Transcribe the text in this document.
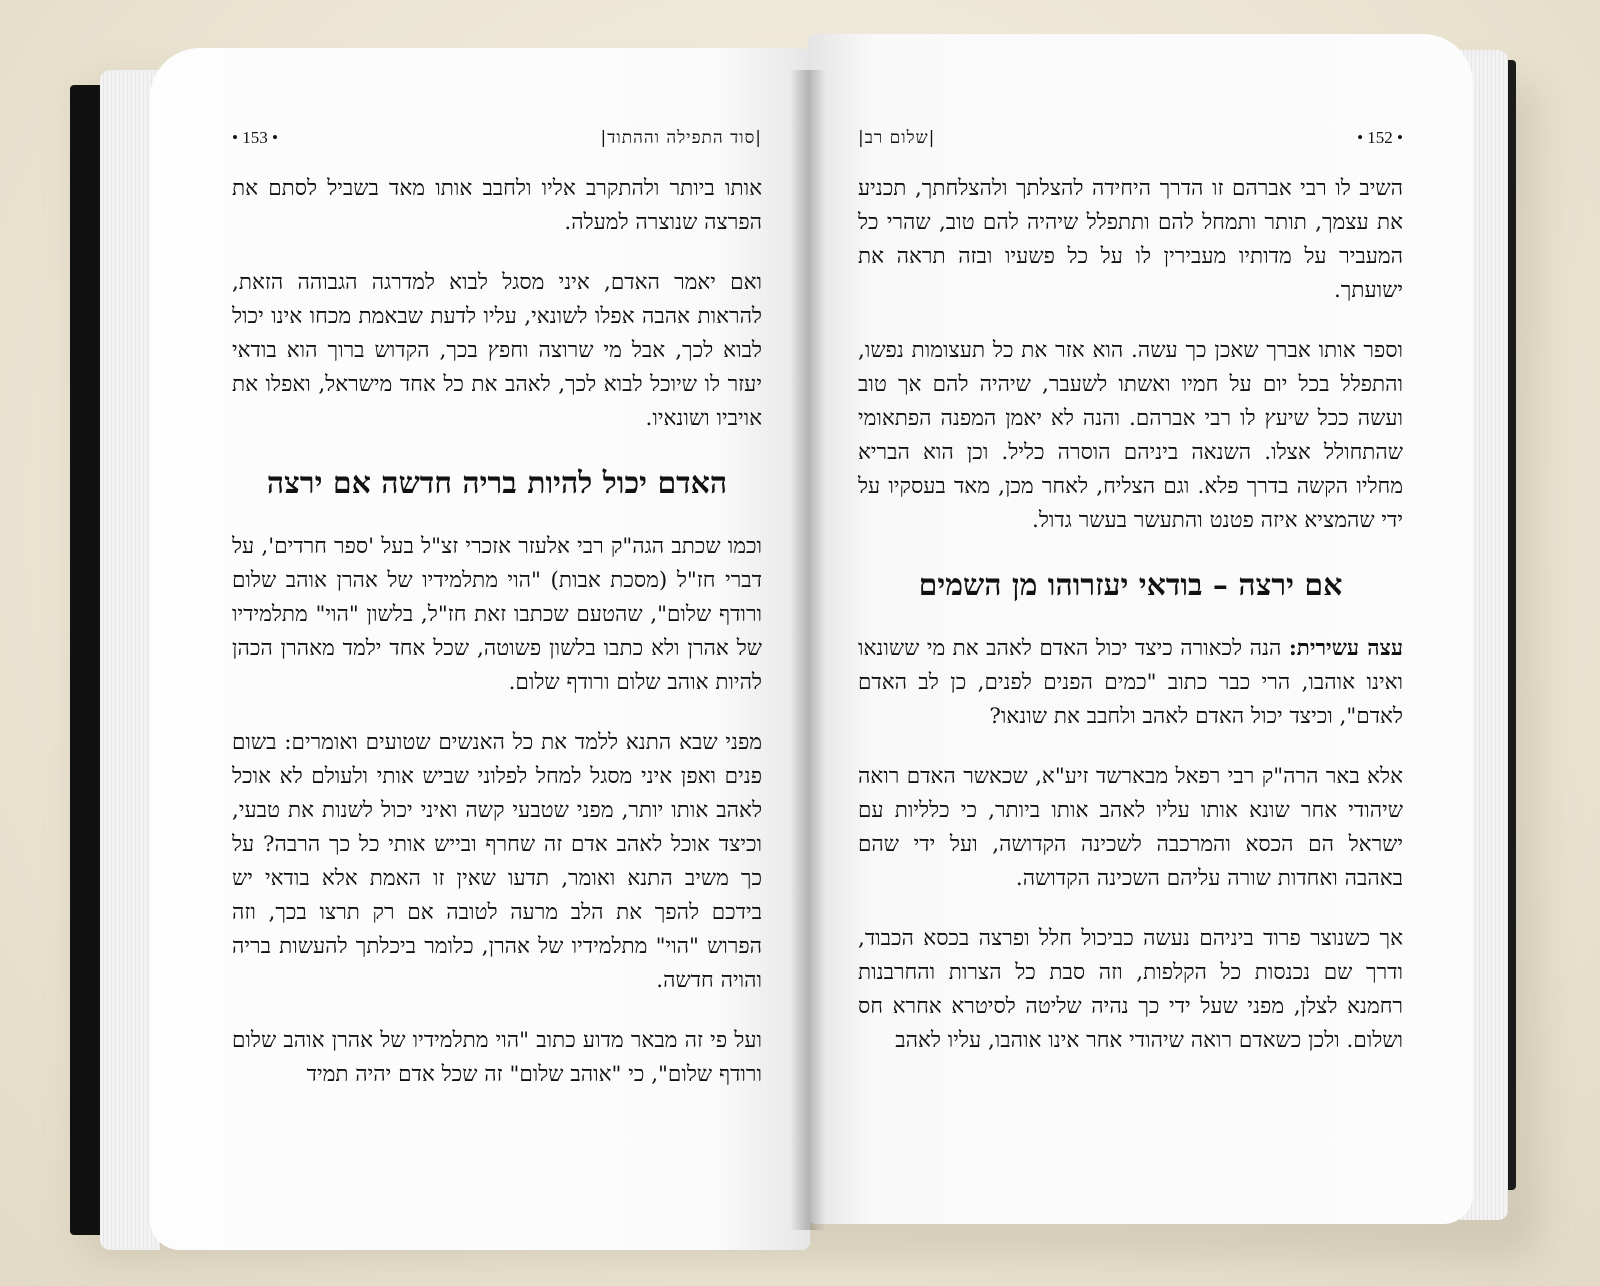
|סוד התפילה וההתוד|
• 153 •

אותו ביותר ולהתקרב אליו ולחבב אותו מאד בשביל לסתם את הפרצה שנוצרה למעלה.

ואם יאמר האדם, איני מסגל לבוא למדרגה הגבוהה הזאת, להראות אהבה אפלו לשונאי, עליו לדעת שבאמת מכחו אינו יכול לבוא לכך, אבל מי שרוצה וחפץ בכך, הקדוש ברוך הוא בודאי יעזר לו שיוכל לבוא לכך, לאהב את כל אחד מישראל, ואפלו את אויביו ושונאיו.

האדם יכול להיות בריה חדשה אם ירצה

וכמו שכתב הגה"ק רבי אלעזר אזכרי זצ"ל בעל 'ספר חרדים', על דברי חז"ל (מסכת אבות) "הוי מתלמידיו של אהרן אוהב שלום ורודף שלום", שהטעם שכתבו זאת חז"ל, בלשון "הוי" מתלמידיו של אהרן ולא כתבו בלשון פשוטה, שכל אחד ילמד מאהרן הכהן להיות אוהב שלום ורודף שלום.

מפני שבא התנא ללמד את כל האנשים שטועים ואומרים: בשום פנים ואפן איני מסגל למחל לפלוני שביש אותי ולעולם לא אוכל לאהב אותו יותר, מפני שטבעי קשה ואיני יכול לשנות את טבעי, וכיצד אוכל לאהב אדם זה שחרף ובייש אותי כל כך הרבה? על כך משיב התנא ואומר, תדעו שאין זו האמת אלא בודאי יש בידכם להפך את הלב מרעה לטובה אם רק תרצו בכך, וזה הפרוש "הוי" מתלמידיו של אהרן, כלומר ביכלתך להעשות בריה והויה חדשה.

ועל פי זה מבאר מדוע כתוב "הוי מתלמידיו של אהרן אוהב שלום ורודף שלום", כי "אוהב שלום" זה שכל אדם יהיה תמיד

• 152 •
|שלום רב|

השיב לו רבי אברהם זו הדרך היחידה להצלתך ולהצלחתך, תכניע את עצמך, תותר ותמחל להם ותתפלל שיהיה להם טוב, שהרי כל המעביר על מדותיו מעבירין לו על כל פשעיו ובזה תראה את ישועתך.

וספר אותו אברך שאכן כך עשה. הוא אזר את כל תעצומות נפשו, והתפלל בכל יום על חמיו ואשתו לשעבר, שיהיה להם אך טוב ועשה ככל שיעץ לו רבי אברהם. והנה לא יאמן המפנה הפתאומי שהתחולל אצלו. השנאה ביניהם הוסרה כליל. וכן הוא הבריא מחליו הקשה בדרך פלא. וגם הצליח, לאחר מכן, מאד בעסקיו על ידי שהמציא איזה פטנט והתעשר בעשר גדול.

אם ירצה – בודאי יעזרוהו מן השמים

עצה עשירית: הנה לכאורה כיצד יכול האדם לאהב את מי ששונאו ואינו אוהבו, הרי כבר כתוב "כמים הפנים לפנים, כן לב האדם לאדם", וכיצד יכול האדם לאהב ולחבב את שונאו?

אלא באר הרה"ק רבי רפאל מבארשד זיע"א, שכאשר האדם רואה שיהודי אחר שונא אותו עליו לאהב אותו ביותר, כי כלליות עם ישראל הם הכסא והמרכבה לשכינה הקדושה, ועל ידי שהם באהבה ואחדות שורה עליהם השכינה הקדושה.

אך כשנוצר פרוד ביניהם נעשה כביכול חלל ופרצה בכסא הכבוד, ודרך שם נכנסות כל הקלפות, וזה סבת כל הצרות והחרבנות רחמנא לצלן, מפני שעל ידי כך נהיה שליטה לסיטרא אחרא חס ושלום. ולכן כשאדם רואה שיהודי אחר אינו אוהבו, עליו לאהב
